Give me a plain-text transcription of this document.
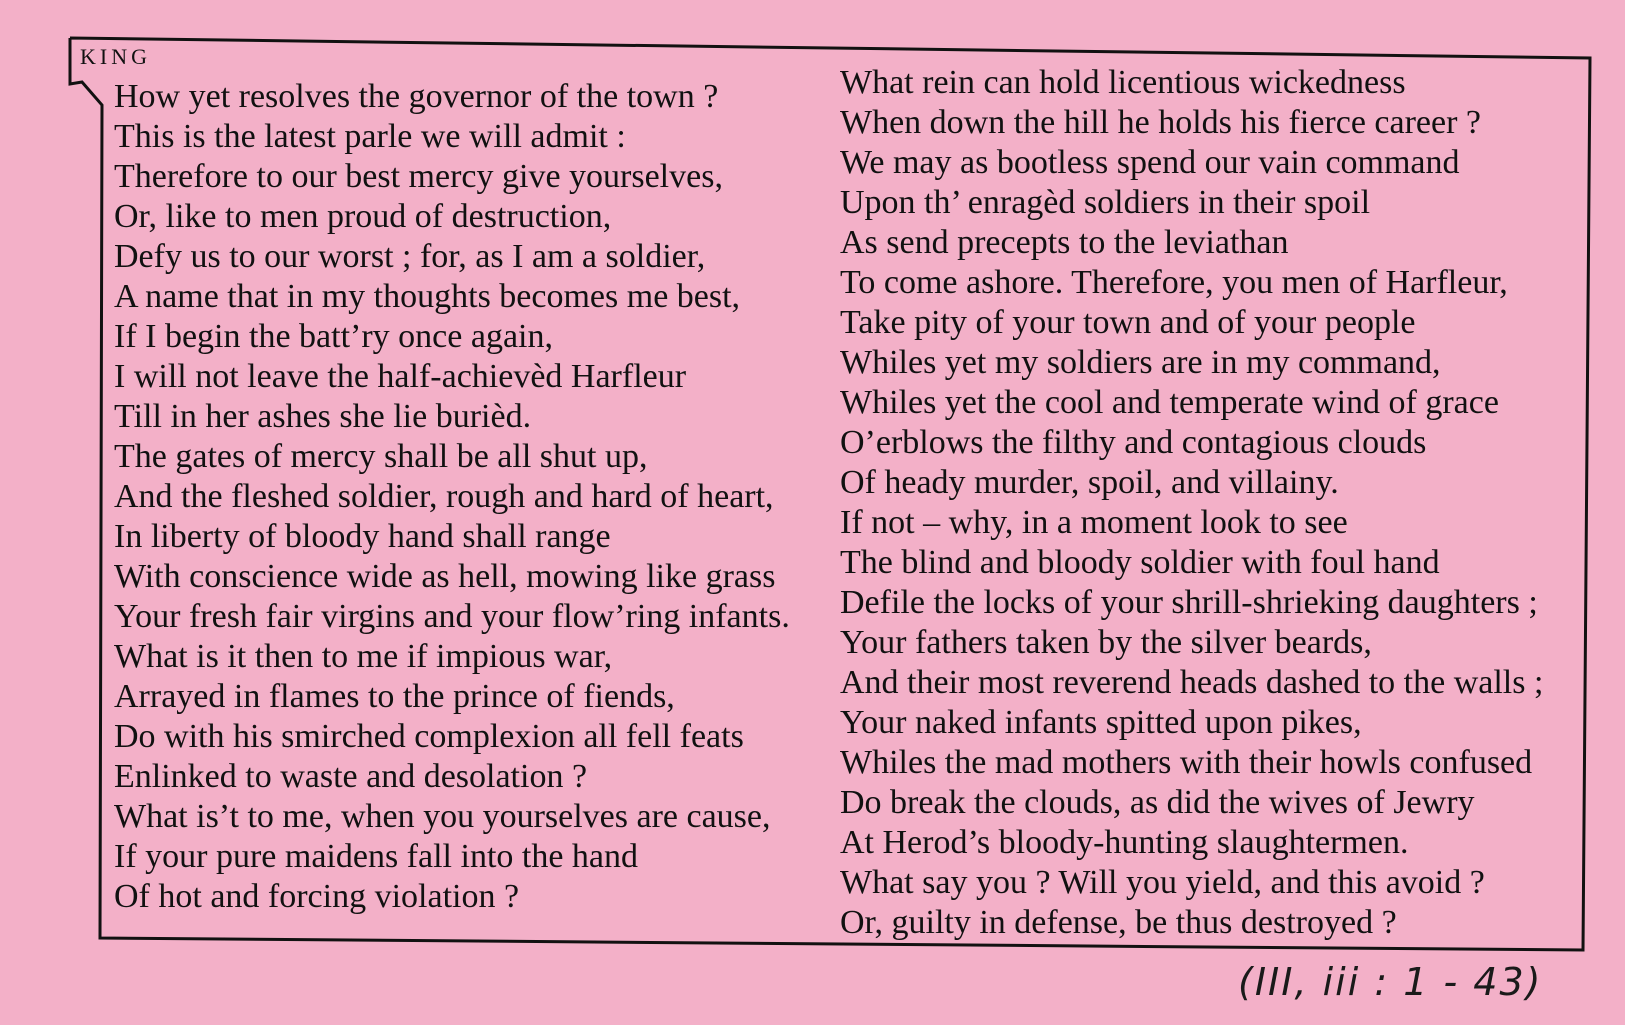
KING
How yet resolves the governor of the town ?
This is the latest parle we will admit :
Therefore to our best mercy give yourselves,
Or, like to men proud of destruction,
Defy us to our worst ; for, as I am a soldier,
A name that in my thoughts becomes me best,
If I begin the batt’ry once again,
I will not leave the half-achievèd Harfleur
Till in her ashes she lie burièd.
The gates of mercy shall be all shut up,
And the fleshed soldier, rough and hard of heart,
In liberty of bloody hand shall range
With conscience wide as hell, mowing like grass
Your fresh fair virgins and your flow’ring infants.
What is it then to me if impious war,
Arrayed in flames to the prince of fiends,
Do with his smirched complexion all fell feats
Enlinked to waste and desolation ?
What is’t to me, when you yourselves are cause,
If your pure maidens fall into the hand
Of hot and forcing violation ?
What rein can hold licentious wickedness
When down the hill he holds his fierce career ?
We may as bootless spend our vain command
Upon th’ enragèd soldiers in their spoil
As send precepts to the leviathan
To come ashore. Therefore, you men of Harfleur,
Take pity of your town and of your people
Whiles yet my soldiers are in my command,
Whiles yet the cool and temperate wind of grace
O’erblows the filthy and contagious clouds
Of heady murder, spoil, and villainy.
If not – why, in a moment look to see
The blind and bloody soldier with foul hand
Defile the locks of your shrill-shrieking daughters ;
Your fathers taken by the silver beards,
And their most reverend heads dashed to the walls ;
Your naked infants spitted upon pikes,
Whiles the mad mothers with their howls confused
Do break the clouds, as did the wives of Jewry
At Herod’s bloody-hunting slaughtermen.
What say you ? Will you yield, and this avoid ?
Or, guilty in defense, be thus destroyed ?
(III, iii : 1 - 43)
